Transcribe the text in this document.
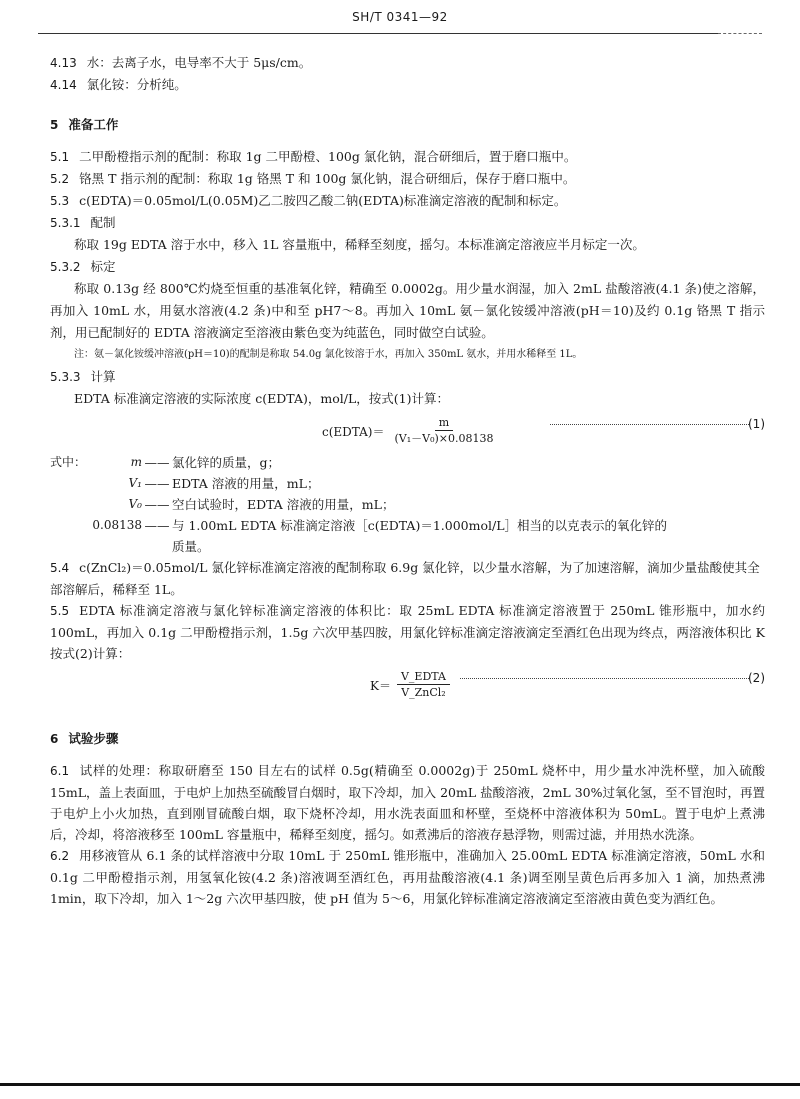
SH/T 0341—92

4.13 水：去离子水，电导率不大于 5μs/cm。

4.14 氯化铵：分析纯。

5 准备工作

5.1 二甲酚橙指示剂的配制：称取 1g 二甲酚橙、100g 氯化钠，混合研细后，置于磨口瓶中。

5.2 铬黑 T 指示剂的配制：称取 1g 铬黑 T 和 100g 氯化钠，混合研细后，保存于磨口瓶中。

5.3 c(EDTA)＝0.05mol/L(0.05M)乙二胺四乙酸二钠(EDTA)标准滴定溶液的配制和标定。

5.3.1 配制

称取 19g EDTA 溶于水中，移入 1L 容量瓶中，稀释至刻度，摇匀。本标准滴定溶液应半月标定一次。

5.3.2 标定

称取 0.13g 经 800℃灼烧至恒重的基准氧化锌，精确至 0.0002g。用少量水润湿，加入 2mL 盐酸溶液(4.1 条)使之溶解，再加入 10mL 水，用氨水溶液(4.2 条)中和至 pH7～8。再加入 10mL 氨－氯化铵缓冲溶液(pH＝10)及约 0.1g 铬黑 T 指示剂，用已配制好的 EDTA 溶液滴定至溶液由紫色变为纯蓝色，同时做空白试验。

注：氨－氯化铵缓冲溶液(pH＝10)的配制是称取 54.0g 氯化铵溶于水，再加入 350mL 氨水，并用水稀释至 1L。

5.3.3 计算

EDTA 标准滴定溶液的实际浓度 c(EDTA)，mol/L，按式(1)计算：

c(EDTA)＝ $\frac{m}{\text{(V₁－V₀)×0.08138}}$	(1)
式中：	m —— 氯化锌的质量，g；
V₁ —— EDTA 溶液的用量，mL；
V₀ —— 空白试验时，EDTA 溶液的用量，mL；
0.08138 —— 与 1.00mL EDTA 标准滴定溶液［c(EDTA)＝1.000mol/L］相当的以克表示的氧化锌的

质量。

5.4 c(ZnCl₂)＝0.05mol/L 氯化锌标准滴定溶液的配制称取 6.9g 氯化锌，以少量水溶解，为了加速溶解，滴加少量盐酸使其全部溶解后，稀释至 1L。

5.5 EDTA 标准滴定溶液与氯化锌标准滴定溶液的体积比：取 25mL EDTA 标准滴定溶液置于 250mL 锥形瓶中，加水约 100mL，再加入 0.1g 二甲酚橙指示剂，1.5g 六次甲基四胺，用氯化锌标准滴定溶液滴定至酒红色出现为终点，两溶液体积比 K 按式(2)计算：

$K= \frac{\text{V\_EDTA}}{\text{V\_ZnCl₂}}$	(2)
6 试验步骤

6.1 试样的处理：称取研磨至 150 目左右的试样 0.5g(精确至 0.0002g)于 250mL 烧杯中，用少量水冲洗杯壁，加入硫酸 15mL，盖上表面皿，于电炉上加热至硫酸冒白烟时，取下冷却，加入 20mL 盐酸溶液，2mL 30%过氧化氢，至不冒泡时，再置于电炉上小火加热，直到刚冒硫酸白烟，取下烧杯冷却，用水洗表面皿和杯壁，至烧杯中溶液体积为 50mL。置于电炉上煮沸后，冷却，将溶液移至 100mL 容量瓶中，稀释至刻度，摇匀。如煮沸后的溶液存悬浮物，则需过滤，并用热水洗涤。

6.2 用移液管从 6.1 条的试样溶液中分取 10mL 于 250mL 锥形瓶中，准确加入 25.00mL EDTA 标准滴定溶液，50mL 水和 0.1g 二甲酚橙指示剂，用氢氧化铵(4.2 条)溶液调至酒红色，再用盐酸溶液(4.1 条)调至刚呈黄色后再多加入 1 滴，加热煮沸 1min，取下冷却，加入 1～2g 六次甲基四胺，使 pH 值为 5～6，用氯化锌标准滴定溶液滴定至溶液由黄色变为酒红色。
